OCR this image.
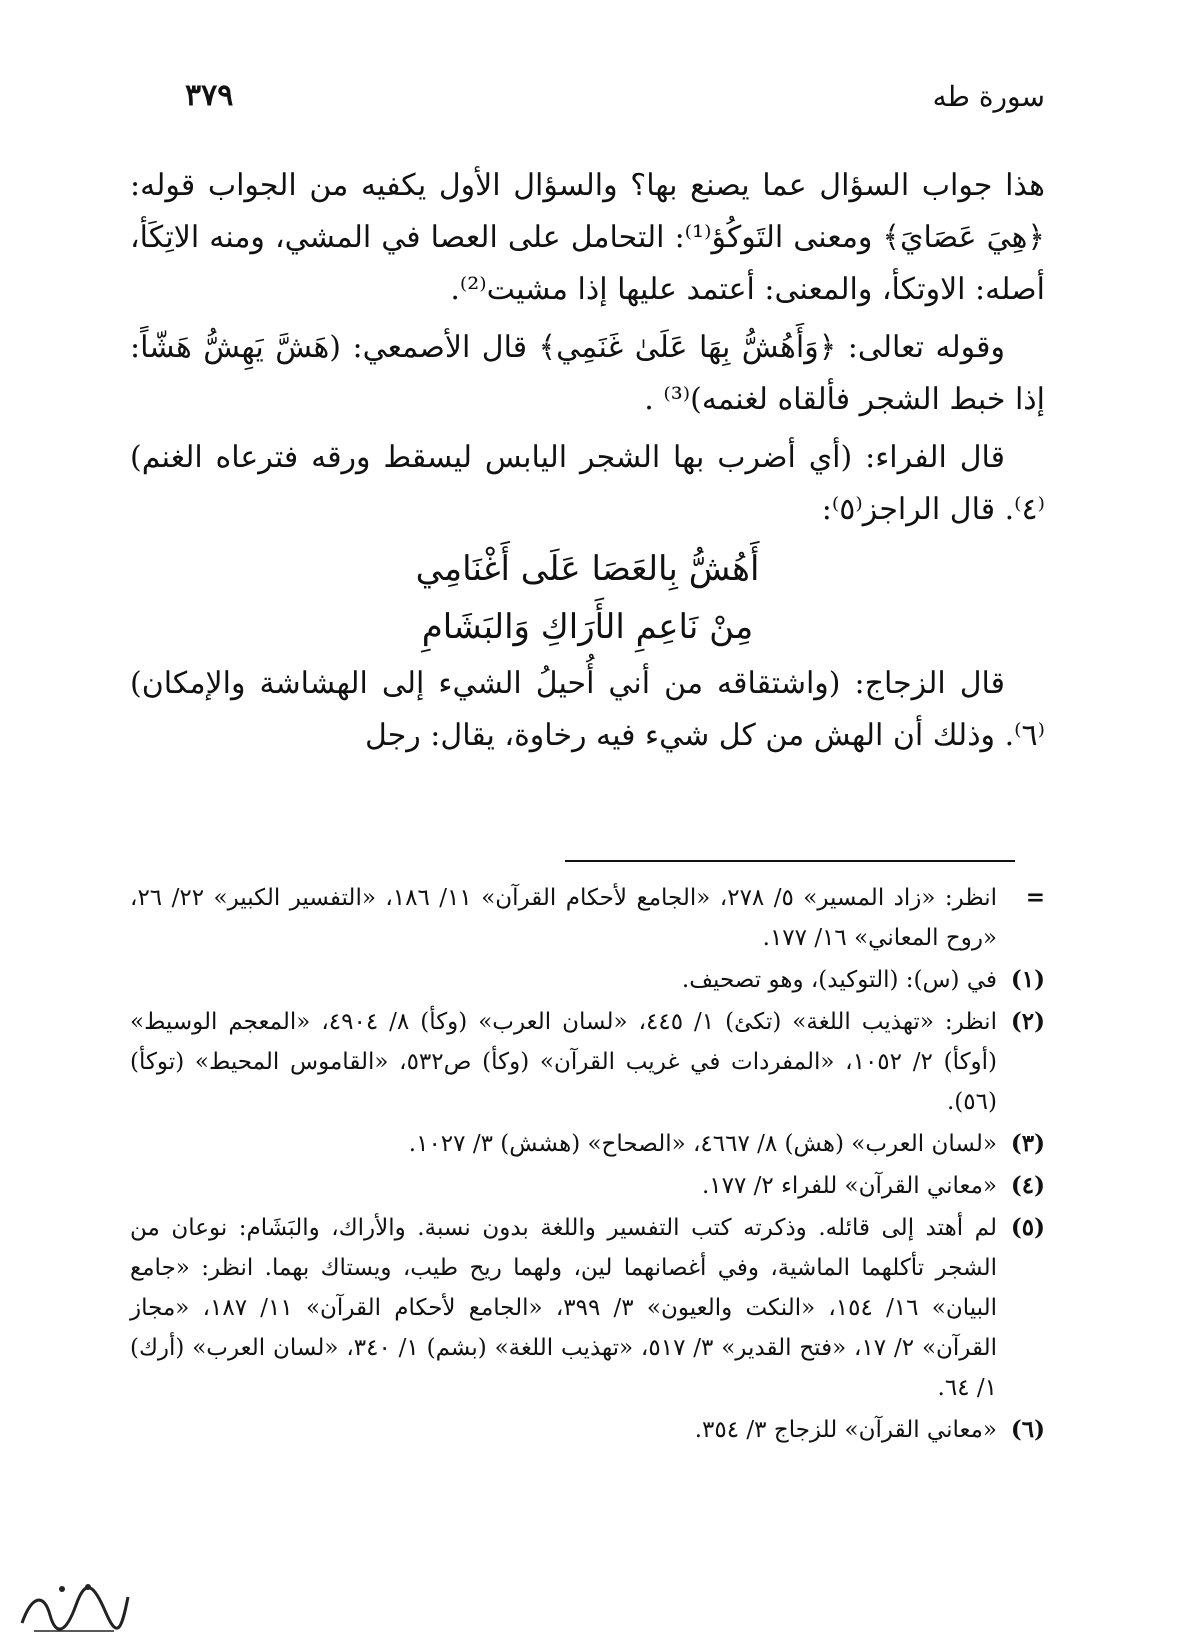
سورة طه
٣٧٩

هذا جواب السؤال عما يصنع بها؟ والسؤال الأول يكفيه من الجواب قوله: ﴿هِيَ عَصَايَ﴾ ومعنى التَوكُؤ⁽¹⁾: التحامل على العصا في المشي، ومنه الاتِكَأ، أصله: الاوتكأ، والمعنى: أعتمد عليها إذا مشيت⁽²⁾.

وقوله تعالى: ﴿وَأَهُشُّ بِهَا عَلَىٰ غَنَمِي﴾ قال الأصمعي: (هَشَّ يَهِشُّ هَشّاً: إذا خبط الشجر فألقاه لغنمه)⁽³⁾ .

قال الفراء: (أي أضرب بها الشجر اليابس ليسقط ورقه فترعاه الغنم)⁽٤⁾. قال الراجز⁽٥⁾:

أَهُشُّ بِالعَصَا عَلَى أَغْنَامِي
مِنْ نَاعِمِ الأَرَاكِ وَالبَشَامِ

قال الزجاج: (واشتقاقه من أني أُحيلُ الشيء إلى الهشاشة والإمكان)⁽٦⁾. وذلك أن الهش من كل شيء فيه رخاوة، يقال: رجل

=
انظر: «زاد المسير» ٥/ ٢٧٨، «الجامع لأحكام القرآن» ١١/ ١٨٦، «التفسير الكبير» ٢٢/ ٢٦، «روح المعاني» ١٦/ ١٧٧.
(١)
في (س): (التوكيد)، وهو تصحيف.
(٢)
انظر: «تهذيب اللغة» (تكئ) ١/ ٤٤٥، «لسان العرب» (وكأ) ٨/ ٤٩٠٤، «المعجم الوسيط» (أوكأ) ٢/ ١٠٥٢، «المفردات في غريب القرآن» (وكأ) ص٥٣٢، «القاموس المحيط» (توكأ) (٥٦).
(٣)
«لسان العرب» (هش) ٨/ ٤٦٦٧، «الصحاح» (هشش) ٣/ ١٠٢٧.
(٤)
«معاني القرآن» للفراء ٢/ ١٧٧.
(٥)
لم أهتد إلى قائله. وذكرته كتب التفسير واللغة بدون نسبة. والأراك، والبَشَام: نوعان من الشجر تأكلهما الماشية، وفي أغصانهما لين، ولهما ريح طيب، ويستاك بهما. انظر: «جامع البيان» ١٦/ ١٥٤، «النكت والعيون» ٣/ ٣٩٩، «الجامع لأحكام القرآن» ١١/ ١٨٧، «مجاز القرآن» ٢/ ١٧، «فتح القدير» ٣/ ٥١٧، «تهذيب اللغة» (بشم) ١/ ٣٤٠، «لسان العرب» (أرك) ١/ ٦٤.
(٦)
«معاني القرآن» للزجاج ٣/ ٣٥٤.
